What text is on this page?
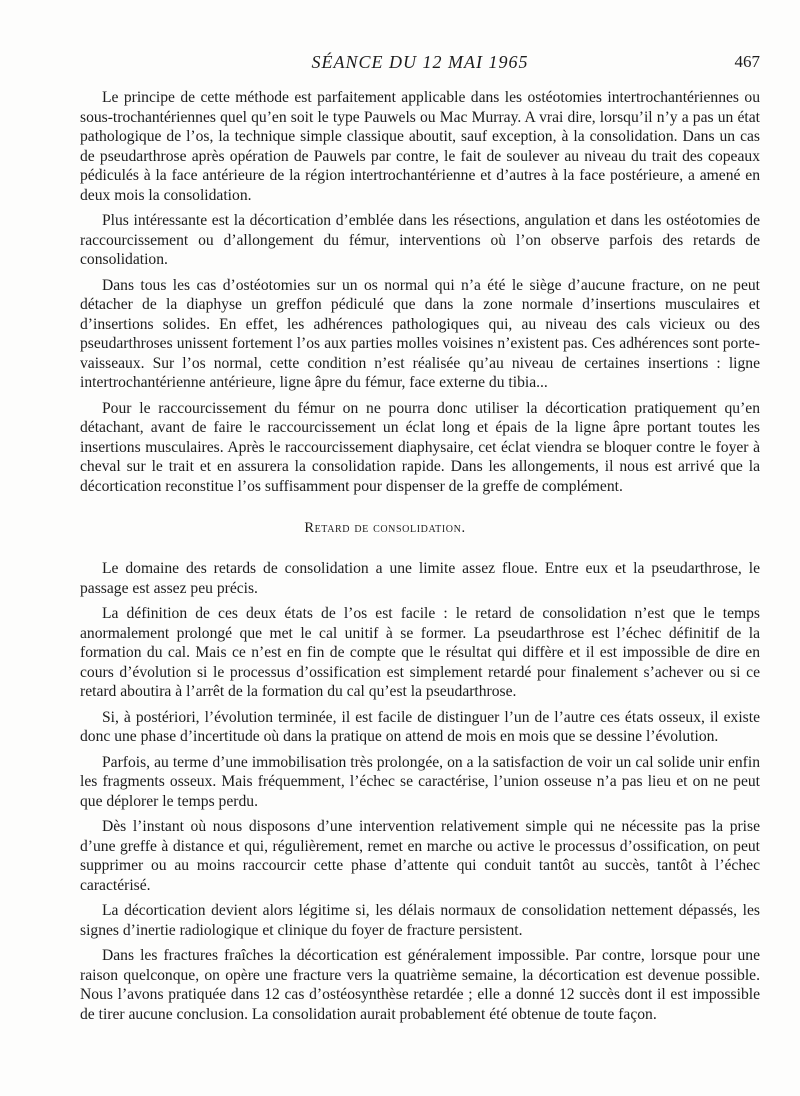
SÉANCE DU 12 MAI 1965	467

Le principe de cette méthode est parfaitement applicable dans les ostéotomies intertrochantériennes ou sous-trochantériennes quel qu’en soit le type Pauwels ou Mac Murray. A vrai dire, lorsqu’il n’y a pas un état pathologique de l’os, la technique simple classique aboutit, sauf exception, à la consolidation. Dans un cas de pseudarthrose après opération de Pauwels par contre, le fait de soulever au niveau du trait des copeaux pédiculés à la face antérieure de la région intertrochantérienne et d’autres à la face postérieure, a amené en deux mois la consolidation.

Plus intéressante est la décortication d’emblée dans les résections, angulation et dans les ostéotomies de raccourcissement ou d’allongement du fémur, interventions où l’on observe parfois des retards de consolidation.

Dans tous les cas d’ostéotomies sur un os normal qui n’a été le siège d’aucune fracture, on ne peut détacher de la diaphyse un greffon pédiculé que dans la zone normale d’insertions musculaires et d’insertions solides. En effet, les adhérences pathologiques qui, au niveau des cals vicieux ou des pseudarthroses unissent fortement l’os aux parties molles voisines n’existent pas. Ces adhérences sont porte-vaisseaux. Sur l’os normal, cette condition n’est réalisée qu’au niveau de certaines insertions : ligne intertrochantérienne antérieure, ligne âpre du fémur, face externe du tibia...

Pour le raccourcissement du fémur on ne pourra donc utiliser la décortication pratiquement qu’en détachant, avant de faire le raccourcissement un éclat long et épais de la ligne âpre portant toutes les insertions musculaires. Après le raccourcissement diaphysaire, cet éclat viendra se bloquer contre le foyer à cheval sur le trait et en assurera la consolidation rapide. Dans les allongements, il nous est arrivé que la décortication reconstitue l’os suffisamment pour dispenser de la greffe de complément.

Retard de consolidation.

Le domaine des retards de consolidation a une limite assez floue. Entre eux et la pseudarthrose, le passage est assez peu précis.

La définition de ces deux états de l’os est facile : le retard de consolidation n’est que le temps anormalement prolongé que met le cal unitif à se former. La pseudarthrose est l’échec définitif de la formation du cal. Mais ce n’est en fin de compte que le résultat qui diffère et il est impossible de dire en cours d’évolution si le processus d’ossification est simplement retardé pour finalement s’achever ou si ce retard aboutira à l’arrêt de la formation du cal qu’est la pseudarthrose.

Si, à postériori, l’évolution terminée, il est facile de distinguer l’un de l’autre ces états osseux, il existe donc une phase d’incertitude où dans la pratique on attend de mois en mois que se dessine l’évolution.

Parfois, au terme d’une immobilisation très prolongée, on a la satisfaction de voir un cal solide unir enfin les fragments osseux. Mais fréquemment, l’échec se caractérise, l’union osseuse n’a pas lieu et on ne peut que déplorer le temps perdu.

Dès l’instant où nous disposons d’une intervention relativement simple qui ne nécessite pas la prise d’une greffe à distance et qui, régulièrement, remet en marche ou active le processus d’ossification, on peut supprimer ou au moins raccourcir cette phase d’attente qui conduit tantôt au succès, tantôt à l’échec caractérisé.

La décortication devient alors légitime si, les délais normaux de consolidation nettement dépassés, les signes d’inertie radiologique et clinique du foyer de fracture persistent.

Dans les fractures fraîches la décortication est généralement impossible. Par contre, lorsque pour une raison quelconque, on opère une fracture vers la quatrième semaine, la décortication est devenue possible. Nous l’avons pratiquée dans 12 cas d’ostéosynthèse retardée ; elle a donné 12 succès dont il est impossible de tirer aucune conclusion. La consolidation aurait probablement été obtenue de toute façon.
